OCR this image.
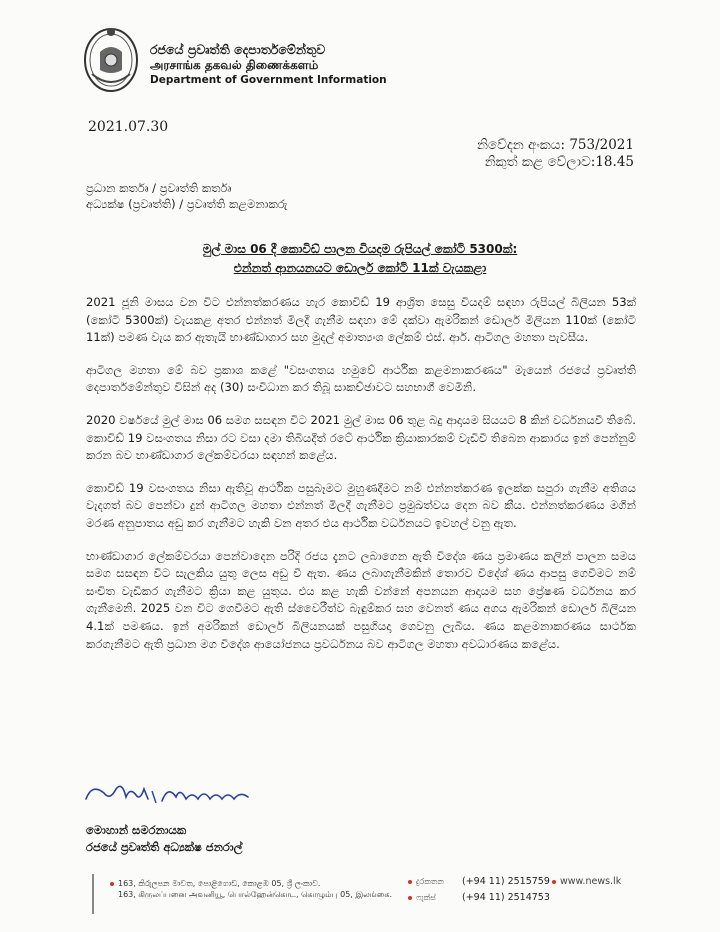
රජයේ ප්‍රවෘත්ති දෙපාර්තමේන්තුව
அரசாங்க தகவல் திணைக்களம்
Department of Government Information
2021.07.30
නිවේදන අංකය: 753/2021
නිකුත් කළ වේලාව:18.45
ප්‍රධාන කර්තෘ / ප්‍රවෘත්ති කර්තෘ
අධ්‍යක්ෂ (ප්‍රවෘත්ති) / ප්‍රවෘත්ති කළමනාකරු
මුල් මාස 06 දී කොවිඩ් පාලන වියදම රුපියල් කෝටි 5300ක්:
එන්නත් ආනයනයට ඩොලර් කෝටි 11ක් වැයකළා

2021 ජූනි මාසය වන විට එන්නත්කරණය හැර කොවිඩ් 19 ආශ්‍රිත සෙසු වියදම් සඳහා රුපියල් බිලියන 53ක් (කෝටි 5300ක්) වැයකළ අතර එන්නත් මිලදී ගැනීම සඳහා මේ දක්වා ඇමරිකන් ඩොලර් මිලියන 110ක් (කෝටි 11ක්) පමණ වැය කර ඇතැයි භාණ්ඩාගාර සහ මුදල් අමාත්‍යංශ ලේකම් එස්. ආර්. ආටිගල මහතා පැවසීය.

ආටිගල මහතා මේ බව ප්‍රකාශ කළේ "වසංගතය හමුවේ ආර්ථික කළමනාකරණය" මැයෙන් රජයේ ප්‍රවෘත්ති දෙපාර්තමේන්තුව විසින් අද (30) සංවිධාන කර තිබූ සාකච්ඡාවට සහභාගී වෙමිනි.

2020 වර්ෂයේ මුල් මාස 06 සමග සසඳන විට 2021 මුල් මාස 06 තුළ බදු ආදායම සියයට 8 කින් වර්ධනයවී තිබේ. කොවිඩ් 19 වසංගතය නිසා රට වසා දමා තිබියදීත් රටේ ආර්ථික ක්‍රියාකාරකම් වැඩිවී තිබෙන ආකාරය ඉන් පෙන්නුම් කරන බව භාණ්ඩාගාර ලේකම්වරයා සඳහන් කළේය.

කොවිඩ් 19 වසංගතය නිසා ඇතිවූ ආර්ථික පසුබෑමට මුහුණදීමට නම් එන්නත්කරණ ඉලක්ක සපුරා ගැනීම අතිශය වැදගත් බව පෙන්වා දුන් ආටිගල මහතා එන්නත් මිලදී ගැනීමට ප්‍රමුඛත්වය දෙන බව කීය. එන්නත්කරණය මගින් මරණ අනුපාතය අඩු කර ගැනීමට හැකි වන අතර එය ආර්ථික වර්ධනයට ඉවහල් වනු ඇත.

භාණ්ඩාගාර ලේකම්වරයා පෙන්වාදෙන පරිදි රජය දැනට ලබාගෙන ඇති විදේශ ණය ප්‍රමාණය කලින් පාලන සමය සමග සසඳන විට සැලකිය යුතු ලෙස අඩු වී ඇත. ණය ලබාගැනීමකින් තොරව විදේශ් ණය ආපසු ගෙවීමට නම් සංචිත වැඩිකර ගැනීමට ක්‍රියා කළ යුතුය. එය කළ හැකි වන්නේ අපනයන ආදායම සහ ප්‍රේෂණ වර්ධනය කර ගැනීමෙනි. 2025 වන විට ගෙවීමට ඇති ස්වෛරීත්ව බැඳුම්කර සහ වෙනත් ණය අගය ඇමරිකන් ඩොලර් බිලියන 4.1ක් පමණය. ඉන් අමරිකන් ඩොලර් බිලියනයක් පසුගියදා ගෙවනු ලැබීය. ණය කළමනාකරණය සාර්ථක කරගැනීමට ඇති ප්‍රධාන මග විදේශ ආයෝජනය ප්‍රවර්ධනය බව ආටිගල මහතා අවධාරණය කළේය.

මොහාන් සමරනායක
රජයේ ප්‍රවෘත්ති අධ්‍යක්ෂ ජනරාල්
163, කිරුලපන මාවත, පොළිගොඩ, කොළඹ 05, ශ්‍රී ලංකාව.
163, கிருலப்பனை அவனியூ, பொல்ஹேன்கொட, கொழும்பு 05, இலங்கை.
දුරකතන (+94 11) 2515759
ෆැක්ස්	(+94 11) 2514753
www.news.lk
